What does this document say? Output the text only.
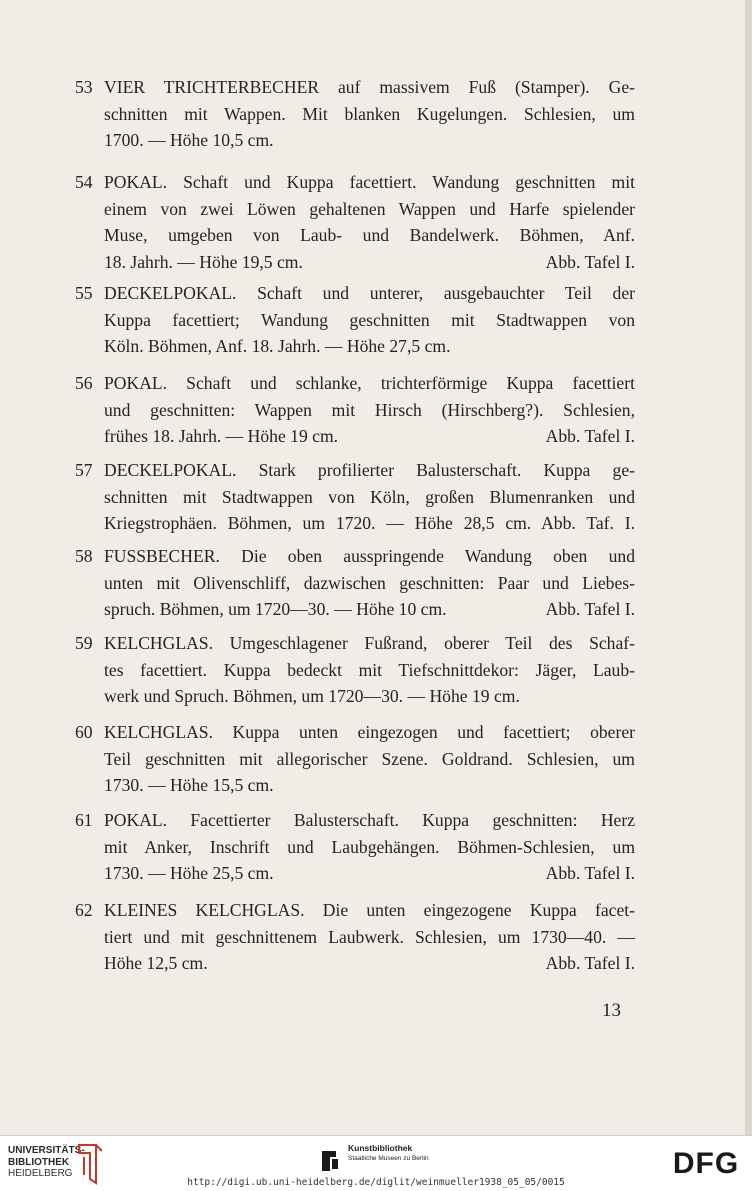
53 VIER TRICHTERBECHER auf massivem Fuß (Stamper). Ge-
schnitten mit Wappen. Mit blanken Kugelungen. Schlesien, um
1700. — Höhe 10,5 cm.
54 POKAL. Schaft und Kuppa facettiert. Wandung geschnitten mit
einem von zwei Löwen gehaltenen Wappen und Harfe spielender
Muse, umgeben von Laub- und Bandelwerk. Böhmen, Anf.
18. Jahrh. — Höhe 19,5 cm.	Abb. Tafel I.
55 DECKELPOKAL. Schaft und unterer, ausgebauchter Teil der
Kuppa facettiert; Wandung geschnitten mit Stadtwappen von
Köln. Böhmen, Anf. 18. Jahrh. — Höhe 27,5 cm.
56 POKAL. Schaft und schlanke, trichterförmige Kuppa facettiert
und geschnitten: Wappen mit Hirsch (Hirschberg?). Schlesien,
frühes 18. Jahrh. — Höhe 19 cm.	Abb. Tafel I.
57 DECKELPOKAL. Stark profilierter Balusterschaft. Kuppa ge-
schnitten mit Stadtwappen von Köln, großen Blumenranken und
Kriegstrophäen. Böhmen, um 1720. — Höhe 28,5 cm. Abb. Taf. I.
58 FUSSBECHER. Die oben ausspringende Wandung oben und
unten mit Olivenschliff, dazwischen geschnitten: Paar und Liebes-
spruch. Böhmen, um 1720—30. — Höhe 10 cm.	Abb. Tafel I.
59 KELCHGLAS. Umgeschlagener Fußrand, oberer Teil des Schaf-
tes facettiert. Kuppa bedeckt mit Tiefschnittdekor: Jäger, Laub-
werk und Spruch. Böhmen, um 1720—30. — Höhe 19 cm.
60 KELCHGLAS. Kuppa unten eingezogen und facettiert; oberer
Teil geschnitten mit allegorischer Szene. Goldrand. Schlesien, um
1730. — Höhe 15,5 cm.
61 POKAL. Facettierter Balusterschaft. Kuppa geschnitten: Herz
mit Anker, Inschrift und Laubgehängen. Böhmen-Schlesien, um
1730. — Höhe 25,5 cm.	Abb. Tafel I.
62 KLEINES KELCHGLAS. Die unten eingezogene Kuppa facet-
tiert und mit geschnittenem Laubwerk. Schlesien, um 1730—40. —
Höhe 12,5 cm.	Abb. Tafel I.
13
UNIVERSITÄTS-
BIBLIOTHEK
HEIDELBERG
Kunstbibliothek
Staatliche Museen zu Berlin	DFG
http://digi.ub.uni-heidelberg.de/diglit/weinmueller1938_05_05/0015
